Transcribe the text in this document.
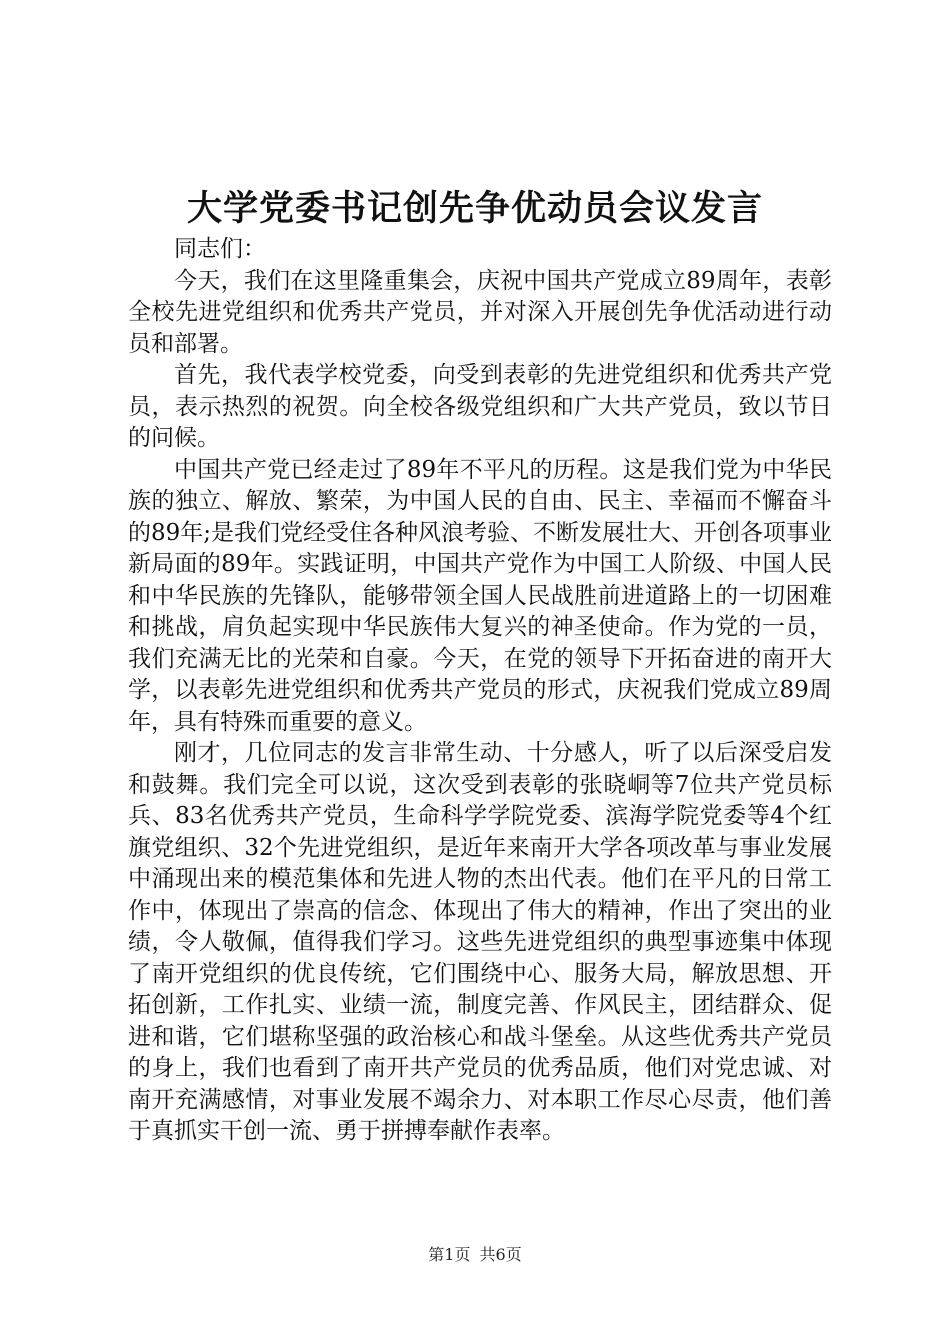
大学党委书记创先争优动员会议发言

同志们：

今天，我们在这里隆重集会，庆祝中国共产党成立89周年，表彰全校先进党组织和优秀共产党员，并对深入开展创先争优活动进行动员和部署。

首先，我代表学校党委，向受到表彰的先进党组织和优秀共产党员，表示热烈的祝贺。向全校各级党组织和广大共产党员，致以节日的问候。

中国共产党已经走过了89年不平凡的历程。这是我们党为中华民族的独立、解放、繁荣，为中国人民的自由、民主、幸福而不懈奋斗的89年;是我们党经受住各种风浪考验、不断发展壮大、开创各项事业新局面的89年。实践证明，中国共产党作为中国工人阶级、中国人民和中华民族的先锋队，能够带领全国人民战胜前进道路上的一切困难和挑战，肩负起实现中华民族伟大复兴的神圣使命。作为党的一员，我们充满无比的光荣和自豪。今天，在党的领导下开拓奋进的南开大学，以表彰先进党组织和优秀共产党员的形式，庆祝我们党成立89周年，具有特殊而重要的意义。

刚才，几位同志的发言非常生动、十分感人，听了以后深受启发和鼓舞。我们完全可以说，这次受到表彰的张晓峒等7位共产党员标兵、83名优秀共产党员，生命科学学院党委、滨海学院党委等4个红旗党组织、32个先进党组织，是近年来南开大学各项改革与事业发展中涌现出来的模范集体和先进人物的杰出代表。他们在平凡的日常工作中，体现出了崇高的信念、体现出了伟大的精神，作出了突出的业绩，令人敬佩，值得我们学习。这些先进党组织的典型事迹集中体现了南开党组织的优良传统，它们围绕中心、服务大局，解放思想、开拓创新，工作扎实、业绩一流，制度完善、作风民主，团结群众、促进和谐，它们堪称坚强的政治核心和战斗堡垒。从这些优秀共产党员的身上，我们也看到了南开共产党员的优秀品质，他们对党忠诚、对南开充满感情，对事业发展不竭余力、对本职工作尽心尽责，他们善于真抓实干创一流、勇于拼搏奉献作表率。

第1页 共6页
